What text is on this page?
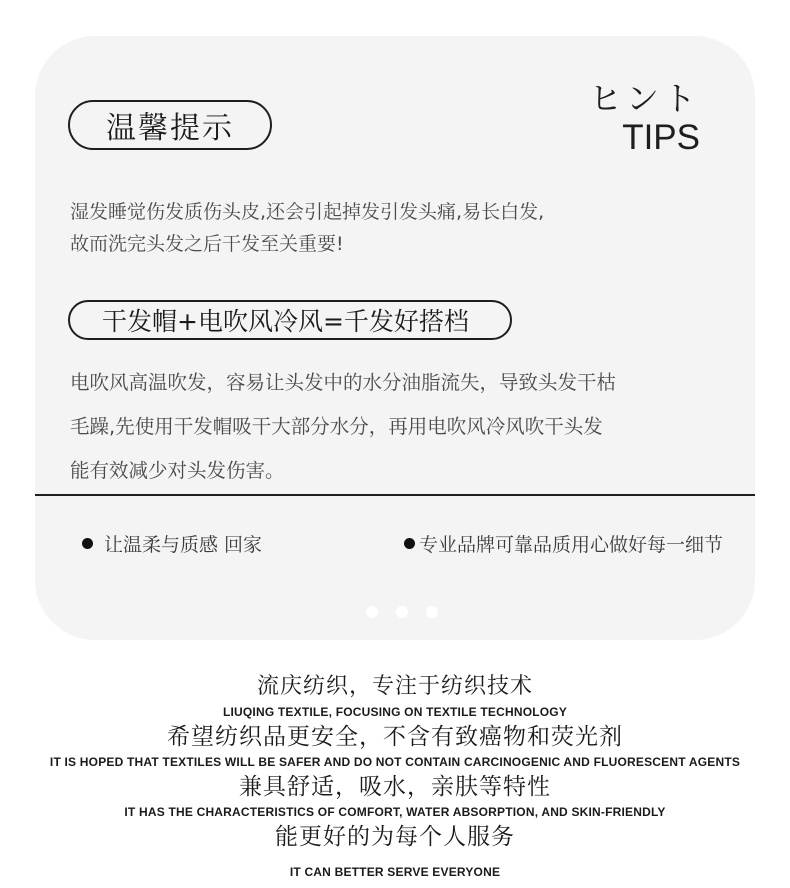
温馨提示
ヒント
TIPS
湿发睡觉伤发质伤头皮,还会引起掉发引发头痛,易长白发,
故而洗完头发之后干发至关重要!
干发帽+电吹风冷风=千发好搭档
电吹风高温吹发，容易让头发中的水分油脂流失，导致头发干枯
毛躁,先使用干发帽吸干大部分水分，再用电吹风冷风吹干头发
能有效减少对头发伤害。
让温柔与质感 回家	专业品牌可靠品质用心做好每一细节
流庆纺织，专注于纺织技术
LIUQING TEXTILE, FOCUSING ON TEXTILE TECHNOLOGY
希望纺织品更安全，不含有致癌物和荧光剂
IT IS HOPED THAT TEXTILES WILL BE SAFER AND DO NOT CONTAIN CARCINOGENIC AND FLUORESCENT AGENTS
兼具舒适，吸水，亲肤等特性
IT HAS THE CHARACTERISTICS OF COMFORT, WATER ABSORPTION, AND SKIN-FRIENDLY
能更好的为每个人服务
IT CAN BETTER SERVE EVERYONE
